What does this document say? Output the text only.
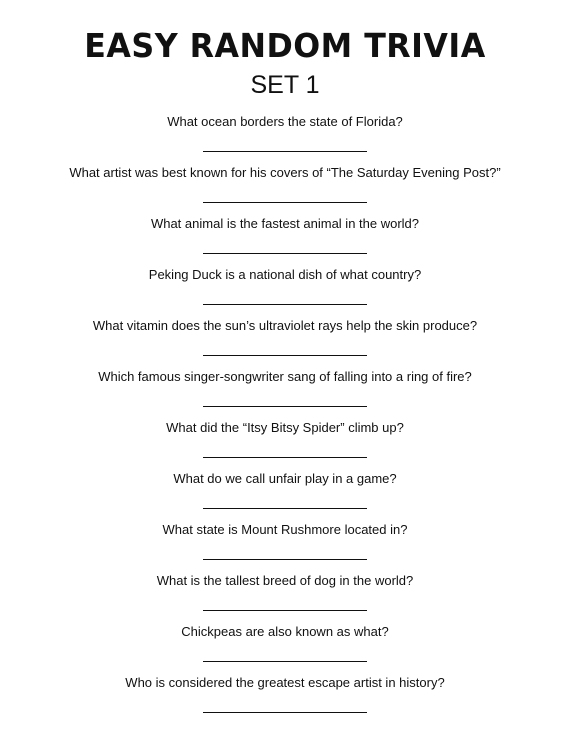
EASY RANDOM TRIVIA
SET 1
What ocean borders the state of Florida?
What artist was best known for his covers of “The Saturday Evening Post?”
What animal is the fastest animal in the world?
Peking Duck is a national dish of what country?
What vitamin does the sun’s ultraviolet rays help the skin produce?
Which famous singer-songwriter sang of falling into a ring of fire?
What did the “Itsy Bitsy Spider” climb up?
What do we call unfair play in a game?
What state is Mount Rushmore located in?
What is the tallest breed of dog in the world?
Chickpeas are also known as what?
Who is considered the greatest escape artist in history?
